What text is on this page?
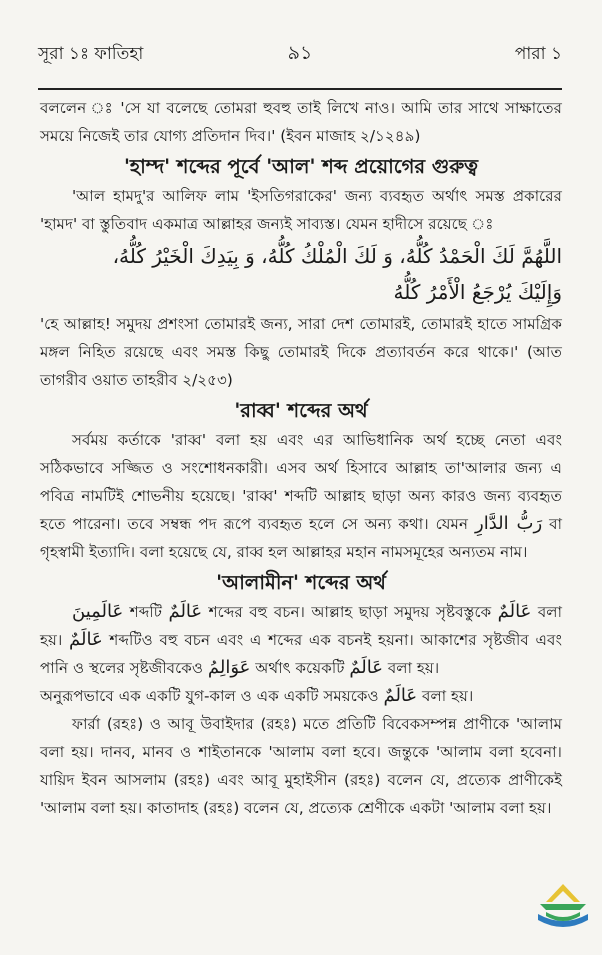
সূরা ১ঃ ফাতিহা	৯১	পারা ১

বললেন ঃ 'সে যা বলেছে তোমরা হুবহু তাই লিখে নাও। আমি তার সাথে সাক্ষাতের সময়ে নিজেই তার যোগ্য প্রতিদান দিব।' (ইবন মাজাহ ২/১২৪৯)

'হাম্দ' শব্দের পূর্বে 'আল' শব্দ প্রয়োগের গুরুত্ব

'আল হামদু'র আলিফ লাম 'ইসতিগরাকের' জন্য ব্যবহৃত অর্থাৎ সমস্ত প্রকারের 'হামদ' বা স্তুতিবাদ একমাত্র আল্লাহর জন্যই সাব্যস্ত। যেমন হাদীসে রয়েছে ঃ

اللَّهُمَّ لَكَ الْحَمْدُ كُلُّهُ، وَ لَكَ الْمُلْكُ كُلُّهُ، وَ بِيَدِكَ الْخَيْرُ كُلُّهُ،
وَإِلَيْكَ يُرْجَعُ الْأَمْرُ كُلُّهُ

'হে আল্লাহ! সমুদয় প্রশংসা তোমারই জন্য, সারা দেশ তোমারই, তোমারই হাতে সামগ্রিক মঙ্গল নিহিত রয়েছে এবং সমস্ত কিছু তোমারই দিকে প্রত্যাবর্তন করে থাকে।' (আত তাগরীব ওয়াত তাহরীব ২/২৫৩)

'রাব্ব' শব্দের অর্থ

সর্বময় কর্তাকে 'রাব্ব' বলা হয় এবং এর আভিধানিক অর্থ হচ্ছে নেতা এবং সঠিকভাবে সজ্জিত ও সংশোধনকারী। এসব অর্থ হিসাবে আল্লাহ তা'আলার জন্য এ পবিত্র নামটিই শোভনীয় হয়েছে। 'রাব্ব' শব্দটি আল্লাহ ছাড়া অন্য কারও জন্য ব্যবহৃত হতে পারেনা। তবে সম্বন্ধ পদ রূপে ব্যবহৃত হলে সে অন্য কথা। যেমন رَبُّ الدَّارِ বা গৃহস্বামী ইত্যাদি। বলা হয়েছে যে, রাব্ব হল আল্লাহর মহান নামসমূহের অন্যতম নাম।

'আলামীন' শব্দের অর্থ

عَالَمِينَ শব্দটি عَالَمٌ শব্দের বহু বচন। আল্লাহ ছাড়া সমুদয় সৃষ্টবস্তুকে عَالَمٌ বলা হয়। عَالَمٌ শব্দটিও বহু বচন এবং এ শব্দের এক বচনই হয়না। আকাশের সৃষ্টজীব এবং পানি ও স্থলের সৃষ্টজীবকেও عَوَالِمُ অর্থাৎ কয়েকটি عَالَمٌ বলা হয়।

অনুরূপভাবে এক একটি যুগ-কাল ও এক একটি সময়কেও عَالَمٌ বলা হয়।

ফার্রা (রহঃ) ও আবূ উবাইদার (রহঃ) মতে প্রতিটি বিবেকসম্পন্ন প্রাণীকে 'আলাম বলা হয়। দানব, মানব ও শাইতানকে 'আলাম বলা হবে। জন্তুকে 'আলাম বলা হবেনা। যায়িদ ইবন আসলাম (রহঃ) এবং আবূ মুহাইসীন (রহঃ) বলেন যে, প্রত্যেক প্রাণীকেই 'আলাম বলা হয়। কাতাদাহ (রহঃ) বলেন যে, প্রত্যেক শ্রেণীকে একটা 'আলাম বলা হয়।
